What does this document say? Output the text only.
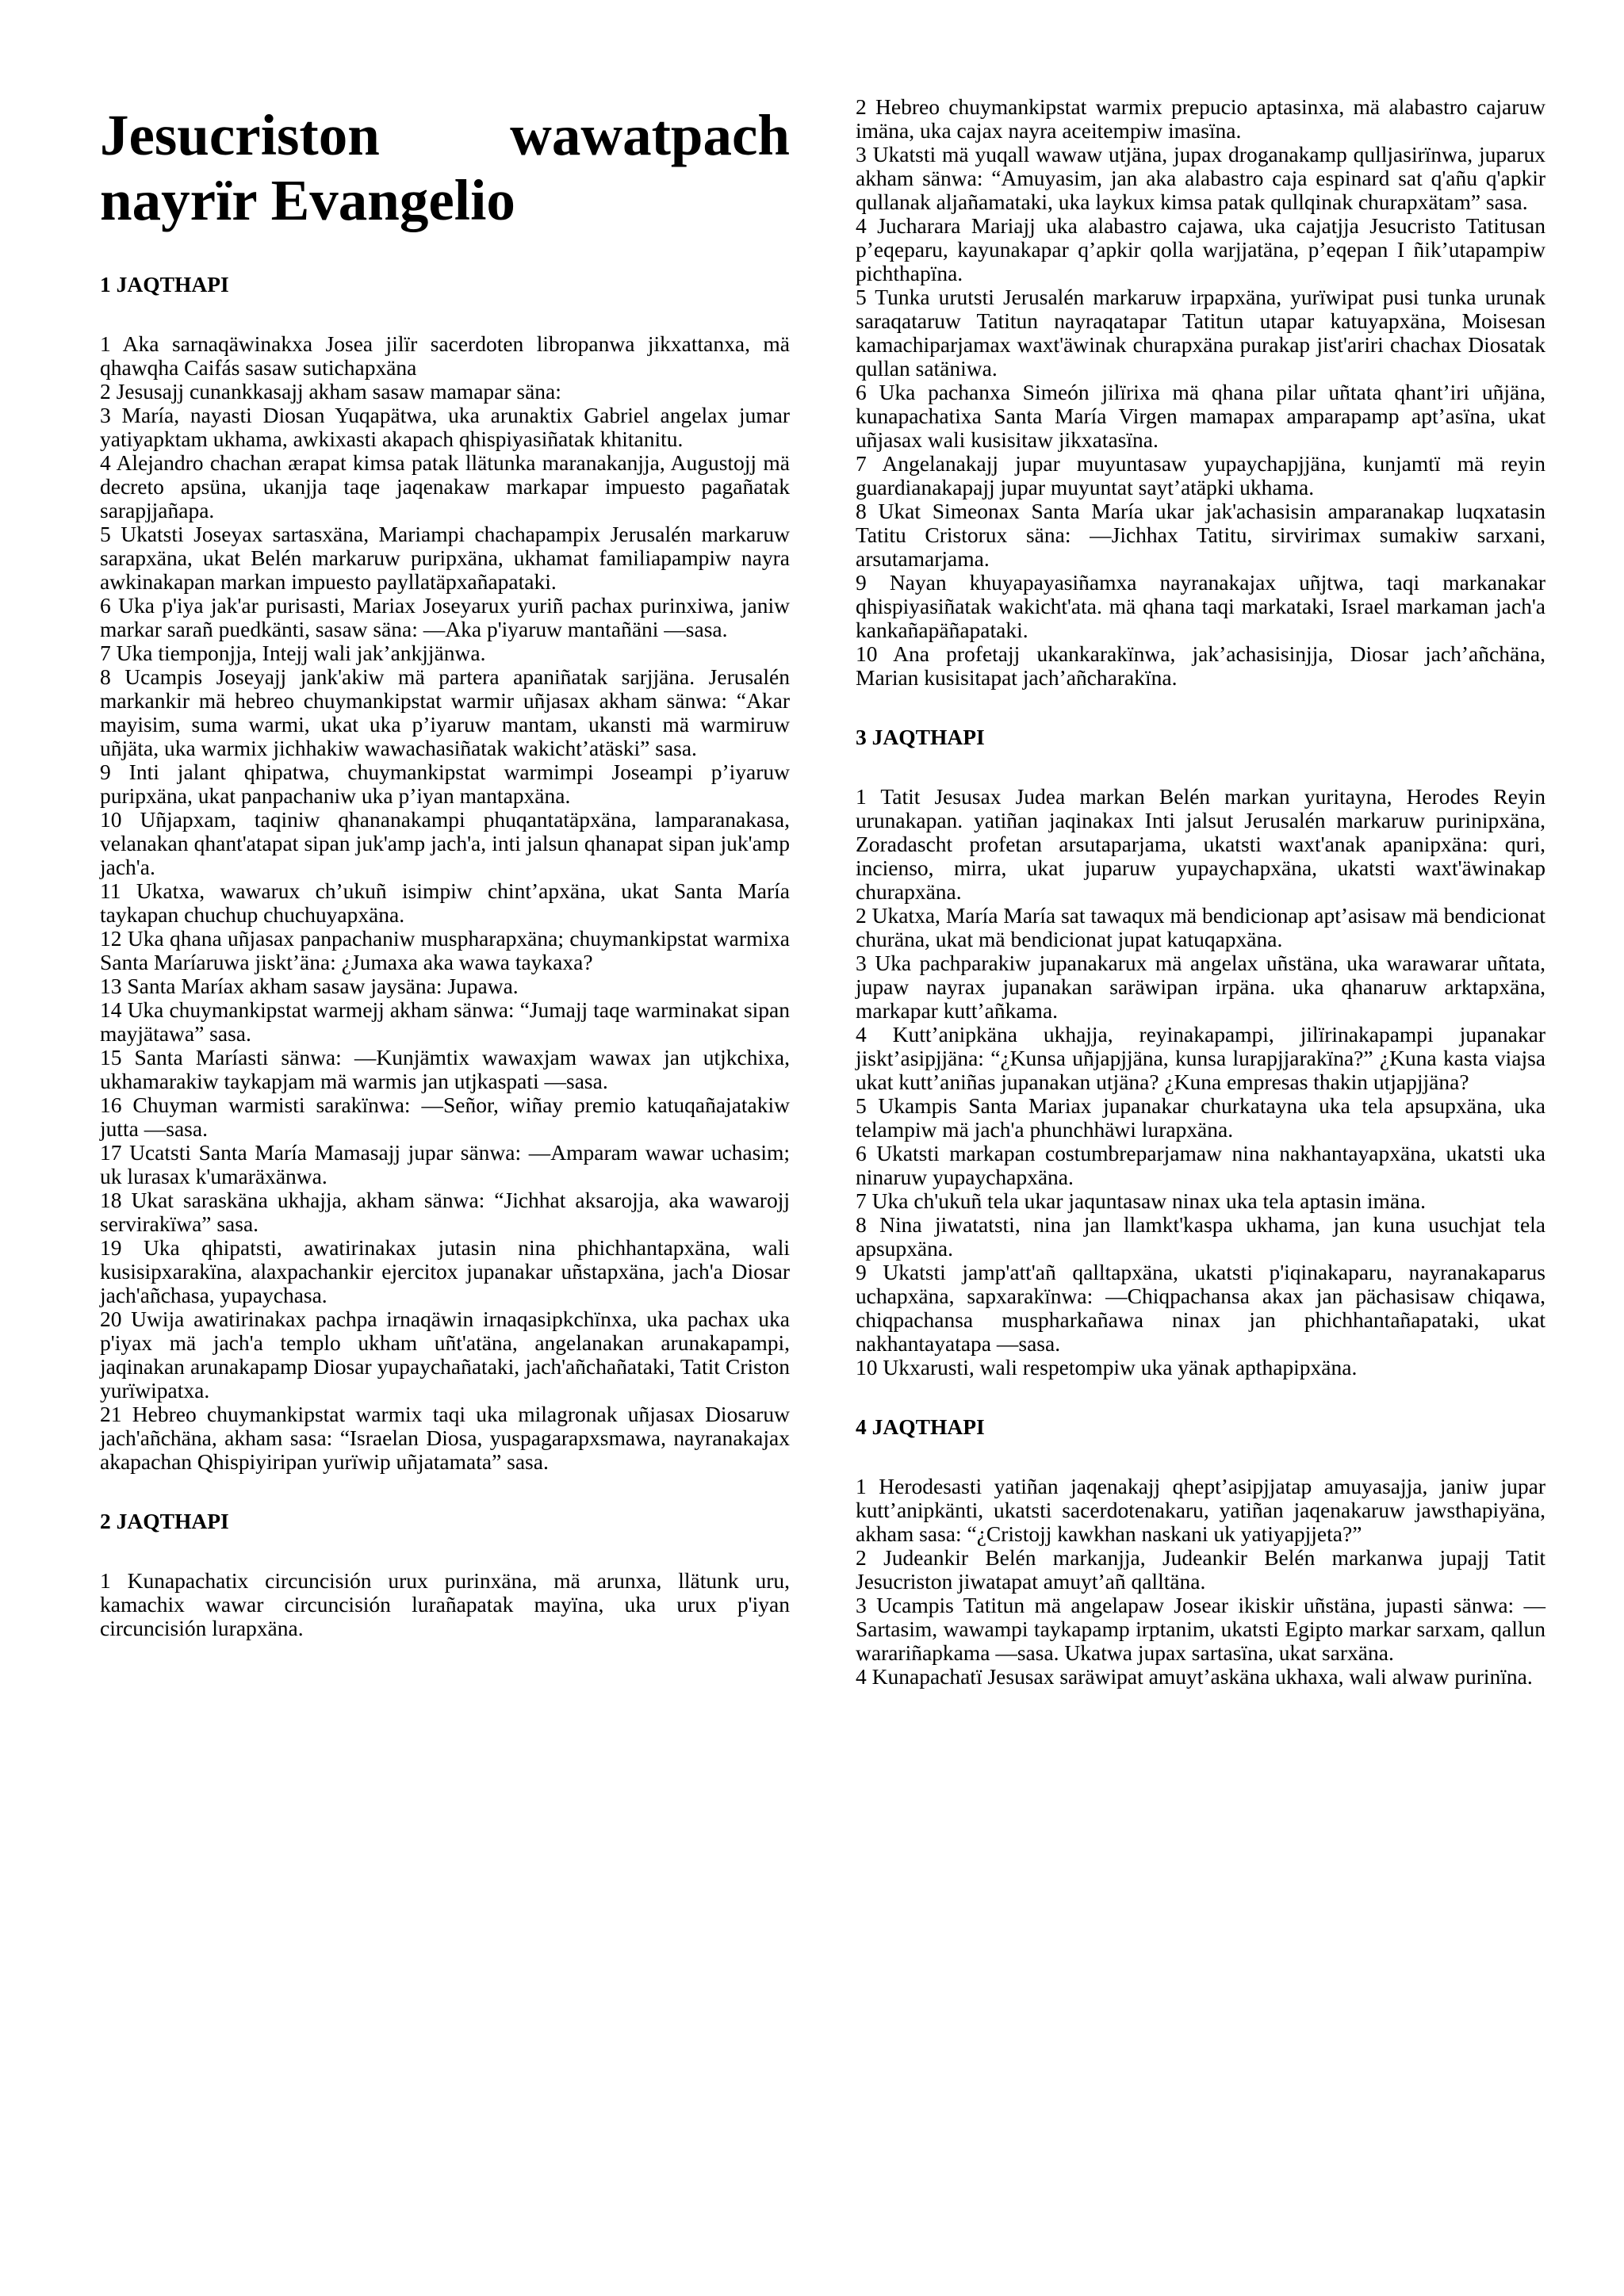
Jesucriston wawatpach
nayrïr Evangelio
1 JAQTHAPI

1 Aka sarnaqäwinakxa Josea jilïr sacerdoten libropanwa jikxattanxa, mä qhawqha Caifás sasaw sutichapxäna

2 Jesusajj cunankkasajj akham sasaw mamapar säna:

3 María, nayasti Diosan Yuqapätwa, uka arunaktix Gabriel angelax jumar yatiyapktam ukhama, awkixasti akapach qhispiyasiñatak khitanitu.

4 Alejandro chachan ærapat kimsa patak llätunka maranakanjja, Augustojj mä decreto apsüna, ukanjja taqe jaqenakaw markapar impuesto pagañatak sarapjjañapa.

5 Ukatsti Joseyax sartasxäna, Mariampi chachapampix Jerusalén markaruw sarapxäna, ukat Belén markaruw puripxäna, ukhamat familiapampiw nayra awkinakapan markan impuesto payllatäpxañapataki.

6 Uka p'iya jak'ar purisasti, Mariax Joseyarux yuriñ pachax purinxiwa, janiw markar sarañ puedkänti, sasaw säna: —Aka p'iyaruw mantañäni —sasa.

7 Uka tiemponjja, Intejj wali jak’ankjjänwa.

8 Ucampis Joseyajj jank'akiw mä partera apaniñatak sarjjäna. Jerusalén markankir mä hebreo chuymankipstat warmir uñjasax akham sänwa: “Akar mayisim, suma warmi, ukat uka p’iyaruw mantam, ukansti mä warmiruw uñjäta, uka warmix jichhakiw wawachasiñatak wakicht’atäski” sasa.

9 Inti jalant qhipatwa, chuymankipstat warmimpi Joseampi p’iyaruw puripxäna, ukat panpachaniw uka p’iyan mantapxäna.

10 Uñjapxam, taqiniw qhananakampi phuqantatäpxäna, lamparanakasa, velanakan qhant'atapat sipan juk'amp jach'a, inti jalsun qhanapat sipan juk'amp jach'a.

11 Ukatxa, wawarux ch’ukuñ isimpiw chint’apxäna, ukat Santa María taykapan chuchup chuchuyapxäna.

12 Uka qhana uñjasax panpachaniw muspharapxäna; chuymankipstat warmixa Santa Maríaruwa jiskt’äna: ¿Jumaxa aka wawa taykaxa?

13 Santa Maríax akham sasaw jaysäna: Jupawa.

14 Uka chuymankipstat warmejj akham sänwa: “Jumajj taqe warminakat sipan mayjätawa” sasa.

15 Santa Maríasti sänwa: —Kunjämtix wawaxjam wawax jan utjkchixa, ukhamarakiw taykapjam mä warmis jan utjkaspati —sasa.

16 Chuyman warmisti sarakïnwa: —Señor, wiñay premio katuqañajatakiw jutta —sasa.

17 Ucatsti Santa María Mamasajj jupar sänwa: —Amparam wawar uchasim; uk lurasax k'umaräxänwa.

18 Ukat saraskäna ukhajja, akham sänwa: “Jichhat aksarojja, aka wawarojj servirakïwa” sasa.

19 Uka qhipatsti, awatirinakax jutasin nina phichhantapxäna, wali kusisipxarakïna, alaxpachankir ejercitox jupanakar uñstapxäna, jach'a Diosar jach'añchasa, yupaychasa.

20 Uwija awatirinakax pachpa irnaqäwin irnaqasipkchïnxa, uka pachax uka p'iyax mä jach'a templo ukham uñt'atäna, angelanakan arunakapampi, jaqinakan arunakapamp Diosar yupaychañataki, jach'añchañataki, Tatit Criston yurïwipatxa.

21 Hebreo chuymankipstat warmix taqi uka milagronak uñjasax Diosaruw jach'añchäna, akham sasa: “Israelan Diosa, yuspagarapxsmawa, nayranakajax akapachan Qhispiyiripan yurïwip uñjatamata” sasa.

2 JAQTHAPI

1 Kunapachatix circuncisión urux purinxäna, mä arunxa, llätunk uru, kamachix wawar circuncisión lurañapatak mayïna, uka urux p'iyan circuncisión lurapxäna.

2 Hebreo chuymankipstat warmix prepucio aptasinxa, mä alabastro cajaruw imäna, uka cajax nayra aceitempiw imasïna.

3 Ukatsti mä yuqall wawaw utjäna, jupax droganakamp qulljasirïnwa, juparux akham sänwa: “Amuyasim, jan aka alabastro caja espinard sat q'añu q'apkir qullanak aljañamataki, uka laykux kimsa patak qullqinak churapxätam” sasa.

4 Jucharara Mariajj uka alabastro cajawa, uka cajatjja Jesucristo Tatitusan p’eqeparu, kayunakapar q’apkir qolla warjjatäna, p’eqepan I ñik’utapampiw pichthapïna.

5 Tunka urutsti Jerusalén markaruw irpapxäna, yurïwipat pusi tunka urunak saraqataruw Tatitun nayraqatapar Tatitun utapar katuyapxäna, Moisesan kamachiparjamax waxt'äwinak churapxäna purakap jist'ariri chachax Diosatak qullan satäniwa.

6 Uka pachanxa Simeón jilïrixa mä qhana pilar uñtata qhant’iri uñjäna, kunapachatixa Santa María Virgen mamapax amparapamp apt’asïna, ukat uñjasax wali kusisitaw jikxatasïna.

7 Angelanakajj jupar muyuntasaw yupaychapjjäna, kunjamtï mä reyin guardianakapajj jupar muyuntat sayt’atäpki ukhama.

8 Ukat Simeonax Santa María ukar jak'achasisin amparanakap luqxatasin Tatitu Cristorux säna: —Jichhax Tatitu, sirvirimax sumakiw sarxani, arsutamarjama.

9 Nayan khuyapayasiñamxa nayranakajax uñjtwa, taqi markanakar qhispiyasiñatak wakicht'ata. mä qhana taqi markataki, Israel markaman jach'a kankañapäñapataki.

10 Ana profetajj ukankarakïnwa, jak’achasisinjja, Diosar jach’añchäna, Marian kusisitapat jach’añcharakïna.

3 JAQTHAPI

1 Tatit Jesusax Judea markan Belén markan yuritayna, Herodes Reyin urunakapan. yatiñan jaqinakax Inti jalsut Jerusalén markaruw purinipxäna, Zoradascht profetan arsutaparjama, ukatsti waxt'anak apanipxäna: quri, incienso, mirra, ukat juparuw yupaychapxäna, ukatsti waxt'äwinakap churapxäna.

2 Ukatxa, María María sat tawaqux mä bendicionap apt’asisaw mä bendicionat churäna, ukat mä bendicionat jupat katuqapxäna.

3 Uka pachparakiw jupanakarux mä angelax uñstäna, uka warawarar uñtata, jupaw nayrax jupanakan saräwipan irpäna. uka qhanaruw arktapxäna, markapar kutt’añkama.

4 Kutt’anipkäna ukhajja, reyinakapampi, jilïrinakapampi jupanakar jiskt’asipjjäna: “¿Kunsa uñjapjjäna, kunsa lurapjjarakïna?” ¿Kuna kasta viajsa ukat kutt’aniñas jupanakan utjäna? ¿Kuna empresas thakin utjapjjäna?

5 Ukampis Santa Mariax jupanakar churkatayna uka tela apsupxäna, uka telampiw mä jach'a phunchhäwi lurapxäna.

6 Ukatsti markapan costumbreparjamaw nina nakhantayapxäna, ukatsti uka ninaruw yupaychapxäna.

7 Uka ch'ukuñ tela ukar jaquntasaw ninax uka tela aptasin imäna.

8 Nina jiwatatsti, nina jan llamkt'kaspa ukhama, jan kuna usuchjat tela apsupxäna.

9 Ukatsti jamp'att'añ qalltapxäna, ukatsti p'iqinakaparu, nayranakaparus uchapxäna, sapxarakïnwa: —Chiqpachansa akax jan pächasisaw chiqawa, chiqpachansa muspharkañawa ninax jan phichhantañapataki, ukat nakhantayatapa —sasa.

10 Ukxarusti, wali respetompiw uka yänak apthapipxäna.

4 JAQTHAPI

1 Herodesasti yatiñan jaqenakajj qhept’asipjjatap amuyasajja, janiw jupar kutt’anipkänti, ukatsti sacerdotenakaru, yatiñan jaqenakaruw jawsthapiyäna, akham sasa: “¿Cristojj kawkhan naskani uk yatiyapjjeta?”

2 Judeankir Belén markanjja, Judeankir Belén markanwa jupajj Tatit Jesucriston jiwatapat amuyt’añ qalltäna.

3 Ucampis Tatitun mä angelapaw Josear ikiskir uñstäna, jupasti sänwa: —Sartasim, wawampi taykapamp irptanim, ukatsti Egipto markar sarxam, qallun warariñapkama —sasa. Ukatwa jupax sartasïna, ukat sarxäna.

4 Kunapachatï Jesusax saräwipat amuyt’askäna ukhaxa, wali alwaw purinïna.
